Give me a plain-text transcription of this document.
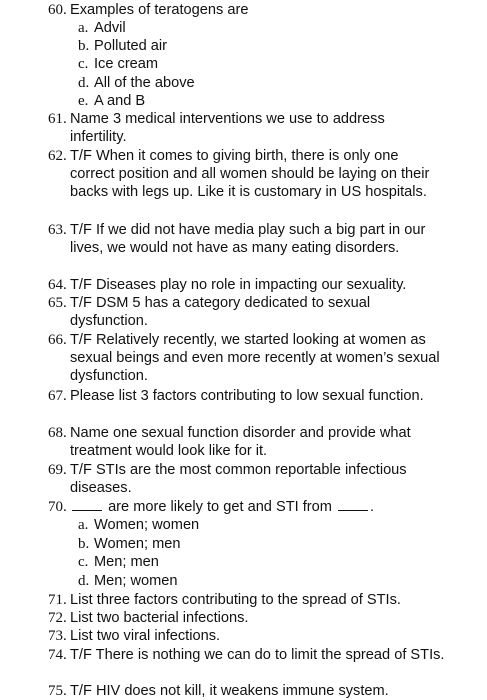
60. Examples of teratogens are
a. Advil
b. Polluted air
c. Ice cream
d. All of the above
e. A and B
61. Name 3 medical interventions we use to address infertility.
62. T/F When it comes to giving birth, there is only one correct position and all women should be laying on their backs with legs up. Like it is customary in US hospitals.
63. T/F If we did not have media play such a big part in our lives, we would not have as many eating disorders.
64. T/F Diseases play no role in impacting our sexuality.
65. T/F DSM 5 has a category dedicated to sexual dysfunction.
66. T/F Relatively recently, we started looking at women as sexual beings and even more recently at women’s sexual dysfunction.
67. Please list 3 factors contributing to low sexual function.
68. Name one sexual function disorder and provide what treatment would look like for it.
69. T/F STIs are the most common reportable infectious diseases.
70.	are more likely to get and STI from	.
a. Women; women
b. Women; men
c. Men; men
d. Men; women
71. List three factors contributing to the spread of STIs.
72. List two bacterial infections.
73. List two viral infections.
74. T/F There is nothing we can do to limit the spread of STIs.
75. T/F HIV does not kill, it weakens immune system.
